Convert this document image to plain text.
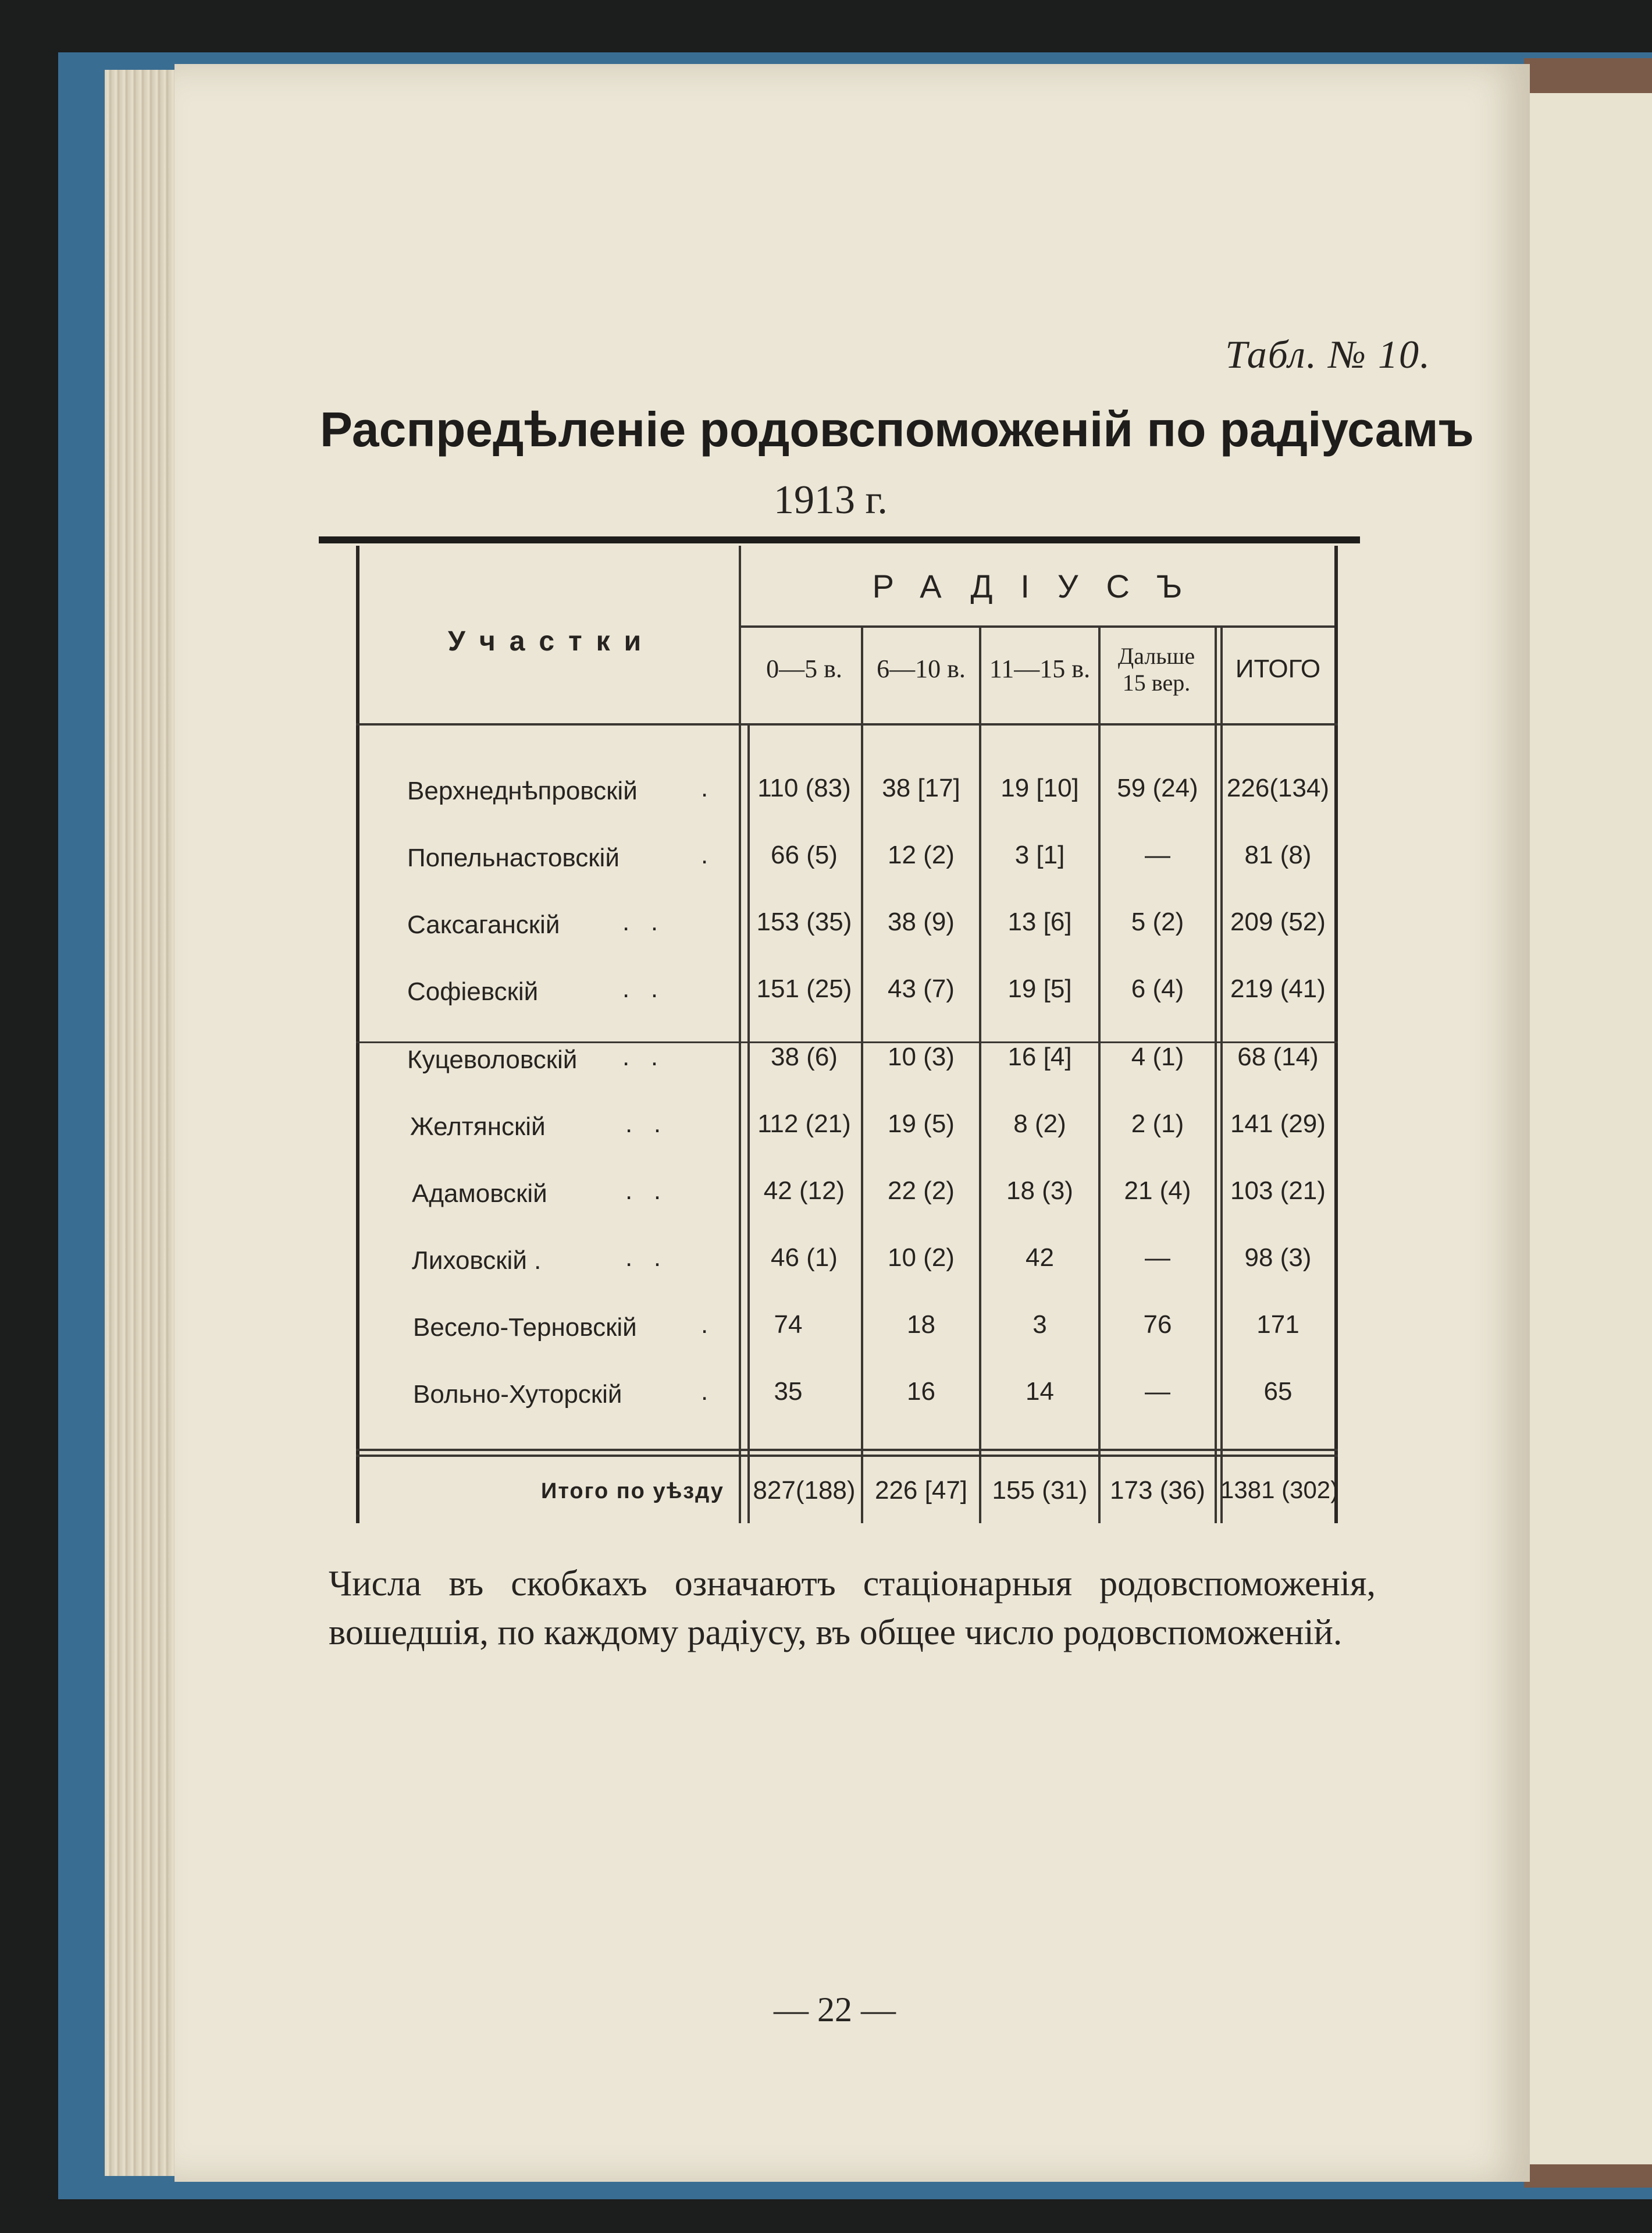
Табл. № 10.
Распредѣленіе родовспоможеній по радіусамъ
1913 г.
Участки
РАДІУСЪ
0—5 в.	6—10 в. 11—15 в.	Дальше 15 вер.	ИТОГО
Верхнеднѣпровскій .	110 (83)	38 [17]	19 [10]	59 (24)	226(134)
Попельнастовскій	.	66 (5)	12 (2)	3 [1]	—	81 (8)
Саксаганскій .   .	153 (35)	38 (9)	13 [6]	5 (2)	209 (52)
Софіевскій	.   .	151 (25)	43 (7)	19 [5]	6 (4)	219 (41)
Куцеволовскій .   .	38 (6)	10 (3)	16 [4]	4 (1)	68 (14)
Желтянскій	.   .	112 (21)	19 (5)	8 (2)	2 (1)	141 (29)
Адамовскій	.   .	42 (12)	22 (2)	18 (3)	21 (4)	103 (21)
Лиховскій .	.   .	46 (1)	10 (2)	42	—	98 (3)
Весело-Терновскій	.	74	18	3	76	171
Вольно-Хуторскій	.	35	16	14	—	65
Итого по уѣзду 827(188) 226 [47] 155 (31) 173 (36) 1381 (302)
Числа въ скобкахъ означаютъ стаціонарныя родовспоможенія, вошедшія, по каждому радіусу, въ общее число родовспоможеній.
— 22 —
